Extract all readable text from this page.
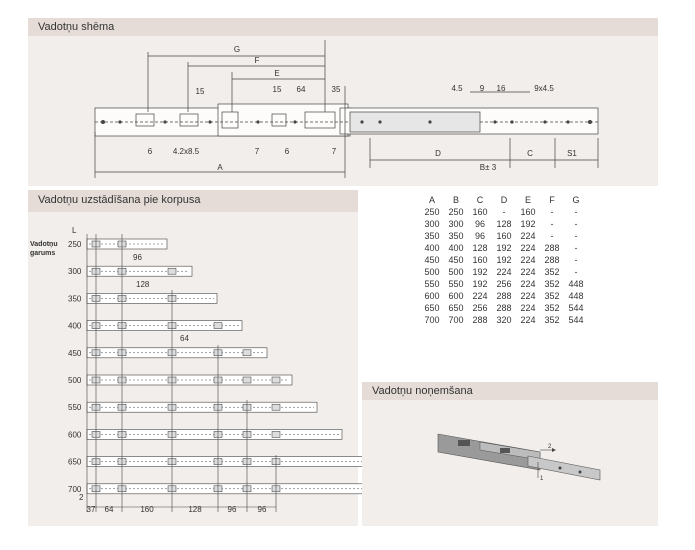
Vadotņu shēma
G
F
E
15	15 64	35	4.5 9 16	9x4.5
6	4.2x8.5	7	6	7
A
D
B± 3
C	S1
Vadotņu uzstādīšana pie korpusa
L
Vadotņu
garums	96
128
64
2
250
300
350
400
450
500
550
600
650
700
37 64	160	128	96	96
A	B	C	D	E	F	G
250	250	160	-	160	-	-
300	300	96	128	192	-	-
350	350	96	160	224	-	-
400	400	128	192	224	288	-
450	450	160	192	224	288	-
500	500	192	224	224	352	-
550	550	192	256	224	352	448
600	600	224	288	224	352	448
650	650	256	288	224	352	544
700	700	288	320	224	352	544
Vadotņu noņemšana
2
1
